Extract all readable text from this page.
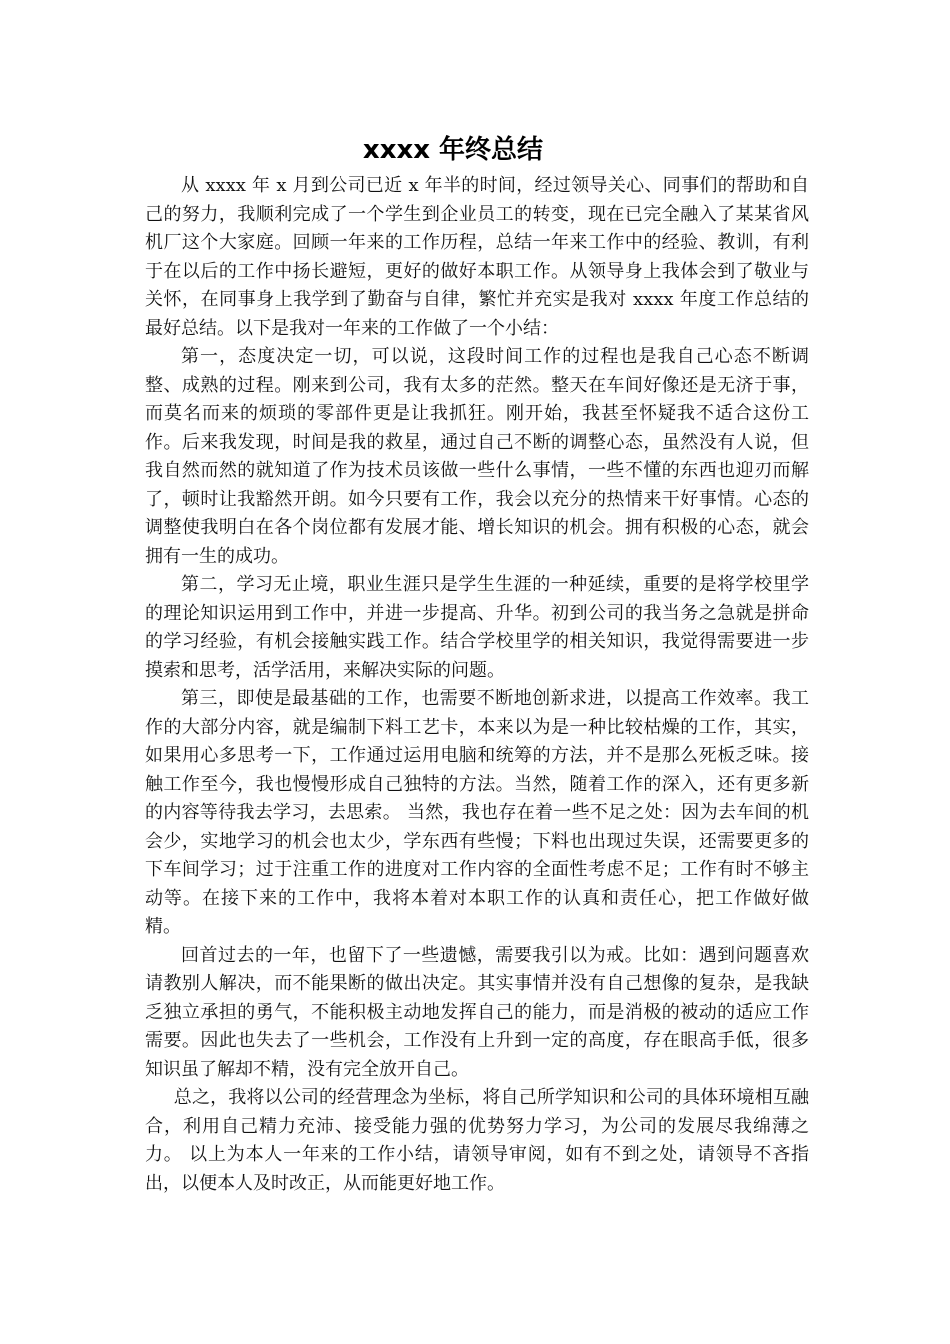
xxxx 年终总结

从 xxxx 年 x 月到公司已近 x 年半的时间，经过领导关心、同事们的帮助和自己的努力，我顺利完成了一个学生到企业员工的转变，现在已完全融入了某某省风机厂这个大家庭。回顾一年来的工作历程，总结一年来工作中的经验、教训，有利于在以后的工作中扬长避短，更好的做好本职工作。从领导身上我体会到了敬业与关怀，在同事身上我学到了勤奋与自律，繁忙并充实是我对 xxxx 年度工作总结的最好总结。以下是我对一年来的工作做了一个小结：

第一，态度决定一切，可以说，这段时间工作的过程也是我自己心态不断调整、成熟的过程。刚来到公司，我有太多的茫然。整天在车间好像还是无济于事，而莫名而来的烦琐的零部件更是让我抓狂。刚开始，我甚至怀疑我不适合这份工作。后来我发现，时间是我的救星，通过自己不断的调整心态，虽然没有人说，但我自然而然的就知道了作为技术员该做一些什么事情，一些不懂的东西也迎刃而解了，顿时让我豁然开朗。如今只要有工作，我会以充分的热情来干好事情。心态的调整使我明白在各个岗位都有发展才能、增长知识的机会。拥有积极的心态，就会拥有一生的成功。

第二，学习无止境，职业生涯只是学生生涯的一种延续，重要的是将学校里学的理论知识运用到工作中，并进一步提高、升华。初到公司的我当务之急就是拼命的学习经验，有机会接触实践工作。结合学校里学的相关知识，我觉得需要进一步摸索和思考，活学活用，来解决实际的问题。

第三，即使是最基础的工作，也需要不断地创新求进，以提高工作效率。我工作的大部分内容，就是编制下料工艺卡，本来以为是一种比较枯燥的工作，其实，如果用心多思考一下，工作通过运用电脑和统筹的方法，并不是那么死板乏味。接触工作至今，我也慢慢形成自己独特的方法。当然，随着工作的深入，还有更多新的内容等待我去学习，去思索。 当然，我也存在着一些不足之处：因为去车间的机会少，实地学习的机会也太少，学东西有些慢；下料也出现过失误，还需要更多的下车间学习；过于注重工作的进度对工作内容的全面性考虑不足；工作有时不够主动等。在接下来的工作中，我将本着对本职工作的认真和责任心，把工作做好做精。

回首过去的一年，也留下了一些遗憾，需要我引以为戒。比如：遇到问题喜欢请教别人解决，而不能果断的做出决定。其实事情并没有自己想像的复杂，是我缺乏独立承担的勇气，不能积极主动地发挥自己的能力，而是消极的被动的适应工作需要。因此也失去了一些机会，工作没有上升到一定的高度，存在眼高手低，很多知识虽了解却不精，没有完全放开自己。

总之，我将以公司的经营理念为坐标，将自己所学知识和公司的具体环境相互融合，利用自己精力充沛、接受能力强的优势努力学习，为公司的发展尽我绵薄之力。 以上为本人一年来的工作小结，请领导审阅，如有不到之处，请领导不吝指出，以便本人及时改正，从而能更好地工作。
